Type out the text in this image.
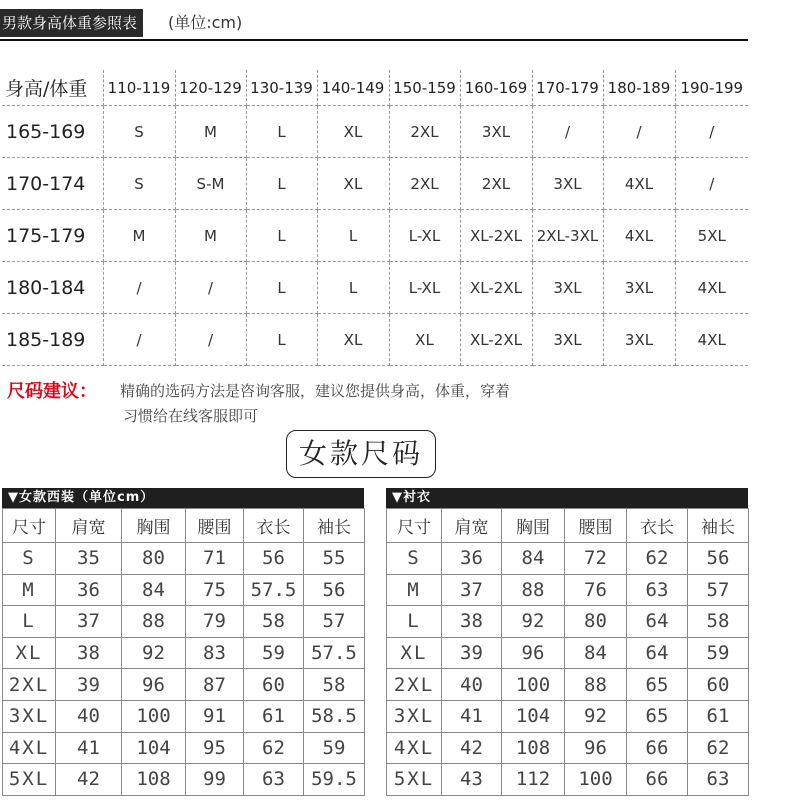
男款身高体重参照表	(单位:cm)
身高/体重	110-119	120-129	130-139	140-149	150-159	160-169	170-179	180-189	190-199
165-169	S	M	L	XL	2XL	3XL	/	/	/
170-174	S	S-M	L	XL	2XL	2XL	3XL	4XL	/
175-179	M	M	L	L	L-XL	XL-2XL	2XL-3XL	4XL	5XL
180-184	/	/	L	L	L-XL	XL-2XL	3XL	3XL	4XL
185-189	/	/	L	XL	XL	XL-2XL	3XL	3XL	4XL
尺码建议： 精确的选码方法是咨询客服，建议您提供身高，体重，穿着
习惯给在线客服即可
女款尺码
▼女款西装（单位cm）
尺寸	肩宽	胸围	腰围	衣长	袖长
S	35	80	71	56	55
M	36	84	75	57.5	56
L	37	88	79	58	57
XL	38	92	83	59	57.5
2XL	39	96	87	60	58
3XL	40	100	91	61	58.5
4XL	41	104	95	62	59
5XL	42	108	99	63	59.5
▼衬衣
尺寸	肩宽	胸围	腰围	衣长	袖长
S	36	84	72	62	56
M	37	88	76	63	57
L	38	92	80	64	58
XL	39	96	84	64	59
2XL	40	100	88	65	60
3XL	41	104	92	65	61
4XL	42	108	96	66	62
5XL	43	112	100	66	63
